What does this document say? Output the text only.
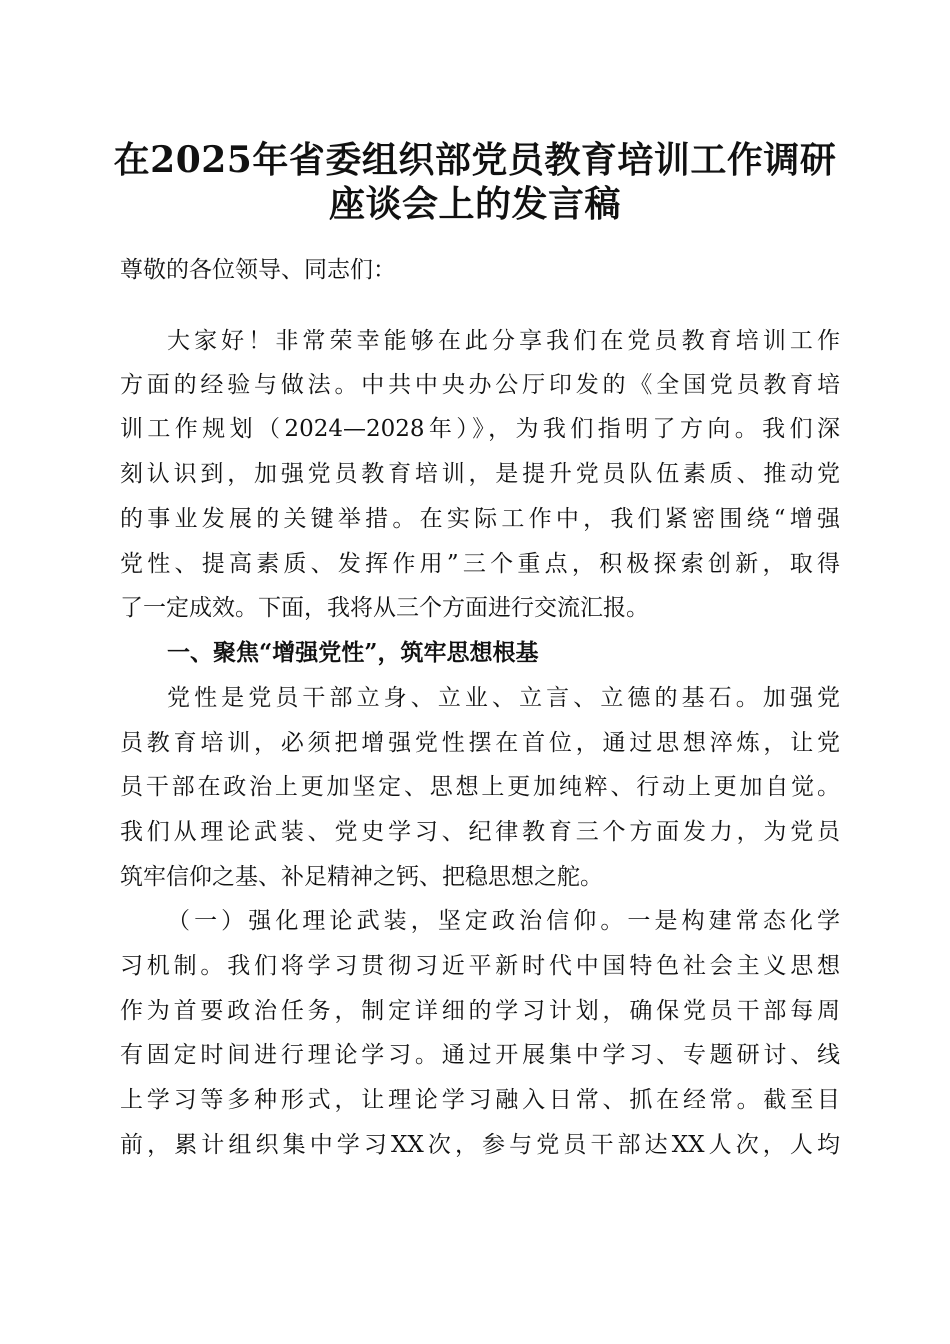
在2025年省委组织部党员教育培训工作调研
座谈会上的发言稿
尊敬的各位领导、同志们：
大家好！非常荣幸能够在此分享我们在党员教育培训工作
方面的经验与做法。中共中央办公厅印发的《全国党员教育培
训工作规划（2024—2028年）》，为我们指明了方向。我们深
刻认识到，加强党员教育培训，是提升党员队伍素质、推动党
的事业发展的关键举措。在实际工作中，我们紧密围绕“增强
党性、提高素质、发挥作用”三个重点，积极探索创新，取得
了一定成效。下面，我将从三个方面进行交流汇报。
一、聚焦“增强党性”，筑牢思想根基
党性是党员干部立身、立业、立言、立德的基石。加强党
员教育培训，必须把增强党性摆在首位，通过思想淬炼，让党
员干部在政治上更加坚定、思想上更加纯粹、行动上更加自觉。
我们从理论武装、党史学习、纪律教育三个方面发力，为党员
筑牢信仰之基、补足精神之钙、把稳思想之舵。
（一）强化理论武装，坚定政治信仰。一是构建常态化学
习机制。我们将学习贯彻习近平新时代中国特色社会主义思想
作为首要政治任务，制定详细的学习计划，确保党员干部每周
有固定时间进行理论学习。通过开展集中学习、专题研讨、线
上学习等多种形式，让理论学习融入日常、抓在经常。截至目
前，累计组织集中学习XX次，参与党员干部达XX人次，人均
